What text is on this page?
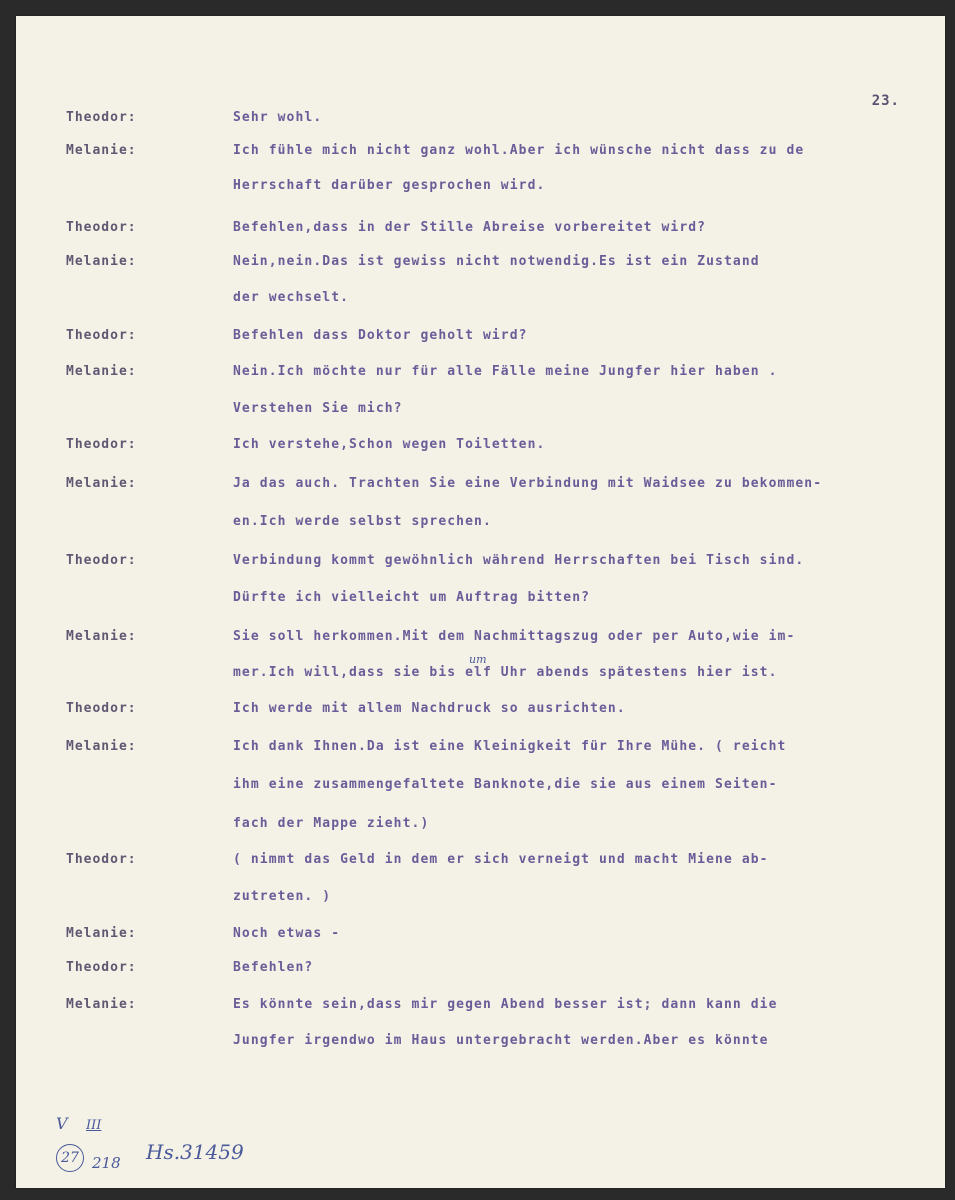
23.
Theodor:	Sehr wohl.
Melanie:	Ich fühle mich nicht ganz wohl.Aber ich wünsche nicht dass zu de
Herrschaft darüber gesprochen wird.
Theodor:	Befehlen,dass in der Stille Abreise vorbereitet wird?
Melanie:	Nein,nein.Das ist gewiss nicht notwendig.Es ist ein Zustand
der wechselt.
Theodor:	Befehlen dass Doktor geholt wird?
Melanie:	Nein.Ich möchte nur für alle Fälle meine Jungfer hier haben .
Verstehen Sie mich?
Theodor:	Ich verstehe,Schon wegen Toiletten.
Melanie:	Ja das auch. Trachten Sie eine Verbindung mit Waidsee zu bekommen-
en.Ich werde selbst sprechen.
Theodor:	Verbindung kommt gewöhnlich während Herrschaften bei Tisch sind.
Dürfte ich vielleicht um Auftrag bitten?
Melanie:	Sie soll herkommen.Mit dem Nachmittagszug oder per Auto,wie im-
mer.Ich will,dass sie bis elf Uhr abends spätestens hier ist.
Theodor:	Ich werde mit allem Nachdruck so ausrichten.
Melanie:	Ich dank Ihnen.Da ist eine Kleinigkeit für Ihre Mühe. ( reicht
ihm eine zusammengefaltete Banknote,die sie aus einem Seiten-
fach der Mappe zieht.)
Theodor:	( nimmt das Geld in dem er sich verneigt und macht Miene ab-
zutreten. )
Melanie:	Noch etwas -
Theodor:	Befehlen?
Melanie:	Es könnte sein,dass mir gegen Abend besser ist; dann kann die
Jungfer irgendwo im Haus untergebracht werden.Aber es könnte
um
V III
27 218 Hs.31459
